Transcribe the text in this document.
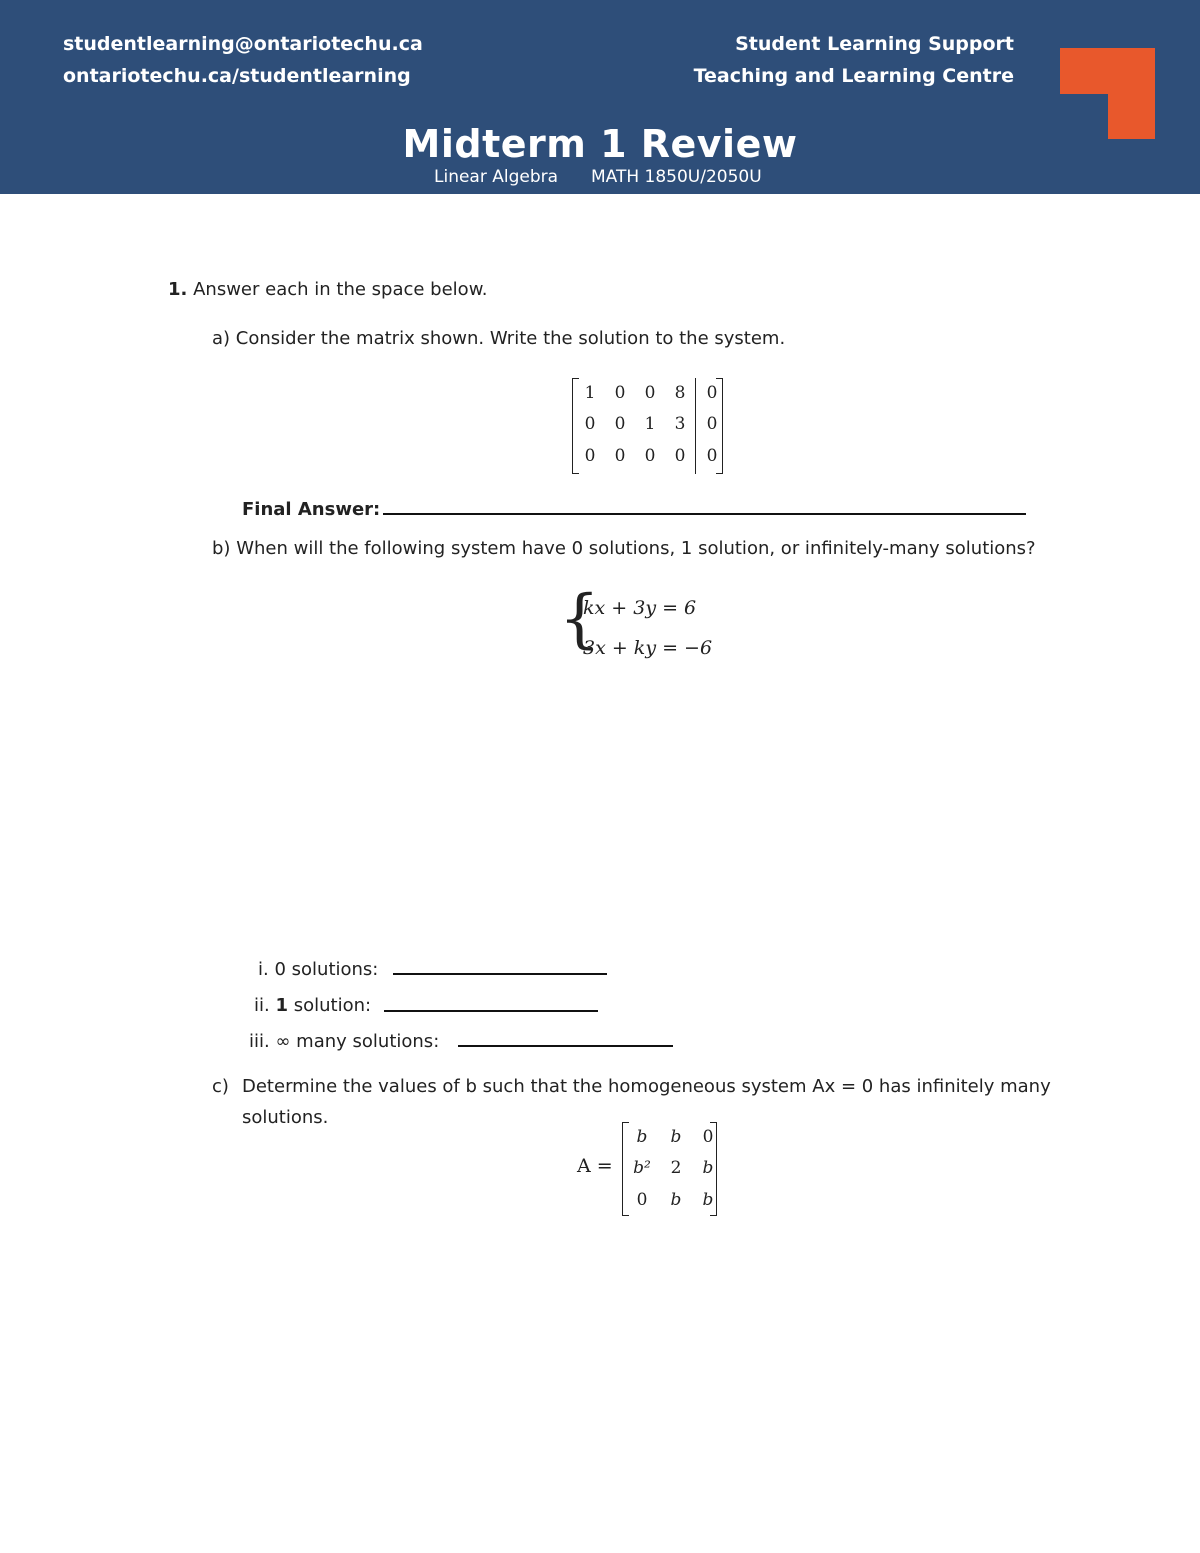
studentlearning@ontariotechu.ca
ontariotechu.ca/studentlearning
Student Learning Support
Teaching and Learning Centre
Midterm 1 Review
Linear Algebra MATH 1850U/2050U
1. Answer each in the space below.
a) Consider the matrix shown. Write the solution to the system.
1	0	0	8	0
0	0	1	3	0
0	0	0	0	0
Final Answer:
b) When will the following system have 0 solutions, 1 solution, or infinitely-many solutions?
{
kx + 3y = 6
3x + ky = −6
i. 0 solutions:
ii. 1 solution:
iii. ∞ many solutions:
c) Determine the values of b such that the homogeneous system Ax = 0 has infinitely many solutions.
A =
b	b	0
b²	2	b
0	b	b
